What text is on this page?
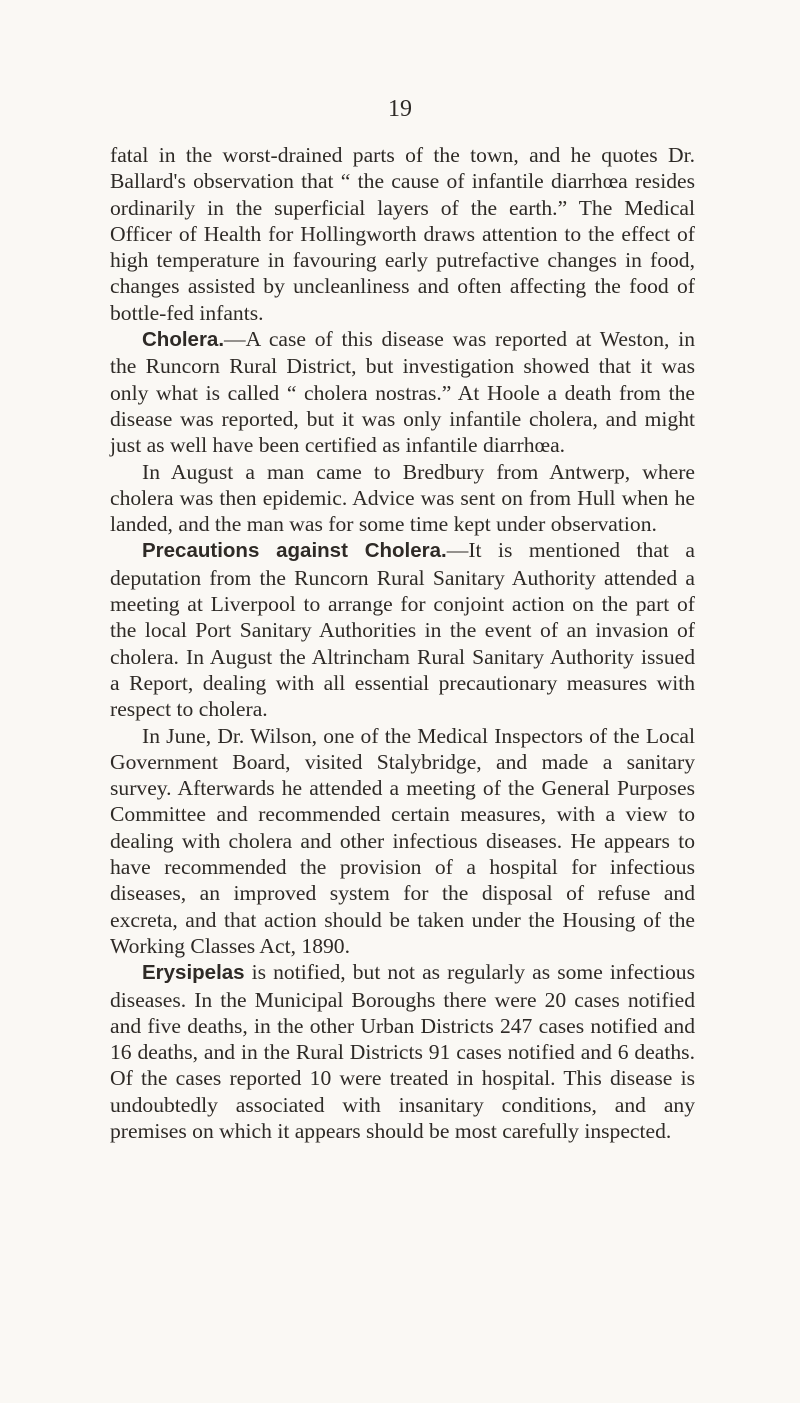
19

fatal in the worst-drained parts of the town, and he quotes Dr. Ballard's observation that “ the cause of infantile diarrhœa resides ordinarily in the superficial layers of the earth.” The Medical Officer of Health for Hollingworth draws attention to the effect of high temperature in favouring early putrefactive changes in food, changes assisted by uncleanliness and often affecting the food of bottle-fed infants.

Cholera.—A case of this disease was reported at Weston, in the Runcorn Rural District, but investigation showed that it was only what is called “ cholera nostras.” At Hoole a death from the disease was reported, but it was only infantile cholera, and might just as well have been certified as infantile diarrhœa.

In August a man came to Bredbury from Antwerp, where cholera was then epidemic. Advice was sent on from Hull when he landed, and the man was for some time kept under observation.

Precautions against Cholera.—It is mentioned that a deputation from the Runcorn Rural Sanitary Authority attended a meeting at Liverpool to arrange for conjoint action on the part of the local Port Sanitary Authorities in the event of an invasion of cholera. In August the Altrincham Rural Sanitary Authority issued a Report, dealing with all essential precautionary measures with respect to cholera.

In June, Dr. Wilson, one of the Medical Inspectors of the Local Government Board, visited Stalybridge, and made a sanitary survey. Afterwards he attended a meeting of the General Purposes Committee and recommended certain measures, with a view to dealing with cholera and other infectious diseases. He appears to have recommended the provision of a hospital for infectious diseases, an improved system for the disposal of refuse and excreta, and that action should be taken under the Housing of the Working Classes Act, 1890.

Erysipelas is notified, but not as regularly as some infectious diseases. In the Municipal Boroughs there were 20 cases notified and five deaths, in the other Urban Districts 247 cases notified and 16 deaths, and in the Rural Districts 91 cases notified and 6 deaths. Of the cases reported 10 were treated in hospital. This disease is undoubtedly associated with insanitary conditions, and any premises on which it appears should be most carefully inspected.
